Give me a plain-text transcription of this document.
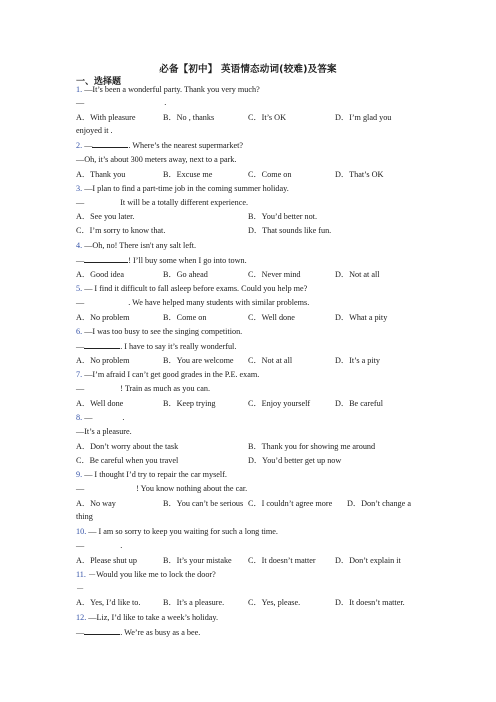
必备【初中】 英语情态动词(较难)及答案
一、选择题
1. —It’s been a wonderful party. Thank you very much?
—	.
A．With pleasure	B．No , thanks	C．It’s OK	D．I’m glad you
enjoyed it .
2. —	. Where’s the nearest supermarket?
—Oh, it’s about 300 meters away, next to a park.
A．Thank you	B．Excuse me	C．Come on	D．That’s OK
3. —I plan to find a part-time job in the coming summer holiday.
—	It will be a totally different experience.
A．See you later.	B．You’d better not.
C．I’m sorry to know that.	D．That sounds like fun.
4. —Oh, no! There isn't any salt left.
—	! I’ll buy some when I go into town.
A．Good idea	B．Go ahead	C．Never mind	D．Not at all
5. — I find it difficult to fall asleep before exams. Could you help me?
—	. We have helped many students with similar problems.
A．No problem	B．Come on	C．Well done	D．What a pity
6. —I was too busy to see the singing competition.
—	. I have to say it’s really wonderful.
A．No problem	B．You are welcome C．Not at all	D．It’s a pity
7. —I’m afraid I can’t get good grades in the P.E. exam.
—	! Train as much as you can.
A．Well done	B．Keep trying	C．Enjoy yourself	D．Be careful
8. —	.
—It’s a pleasure.
A．Don’t worry about the task	B．Thank you for showing me around
C．Be careful when you travel	D．You’d better get up now
9. — I thought I’d try to repair the car myself.
—	! You know nothing about the car.
A．No way	B．You can’t be serious C．I couldn’t agree more D．Don’t change a
thing
10. — I am so sorry to keep you waiting for such a long time.
—	.
A．Please shut up	B．It’s your mistake C．It doesn’t matter D．Don’t explain it
11. －Would you like me to lock the door?
－
A．Yes, I’d like to.	B．It’s a pleasure.	C．Yes, please.	D．It doesn’t matter.
12. —Liz, I’d like to take a week’s holiday.
—	. We’re as busy as a bee.
